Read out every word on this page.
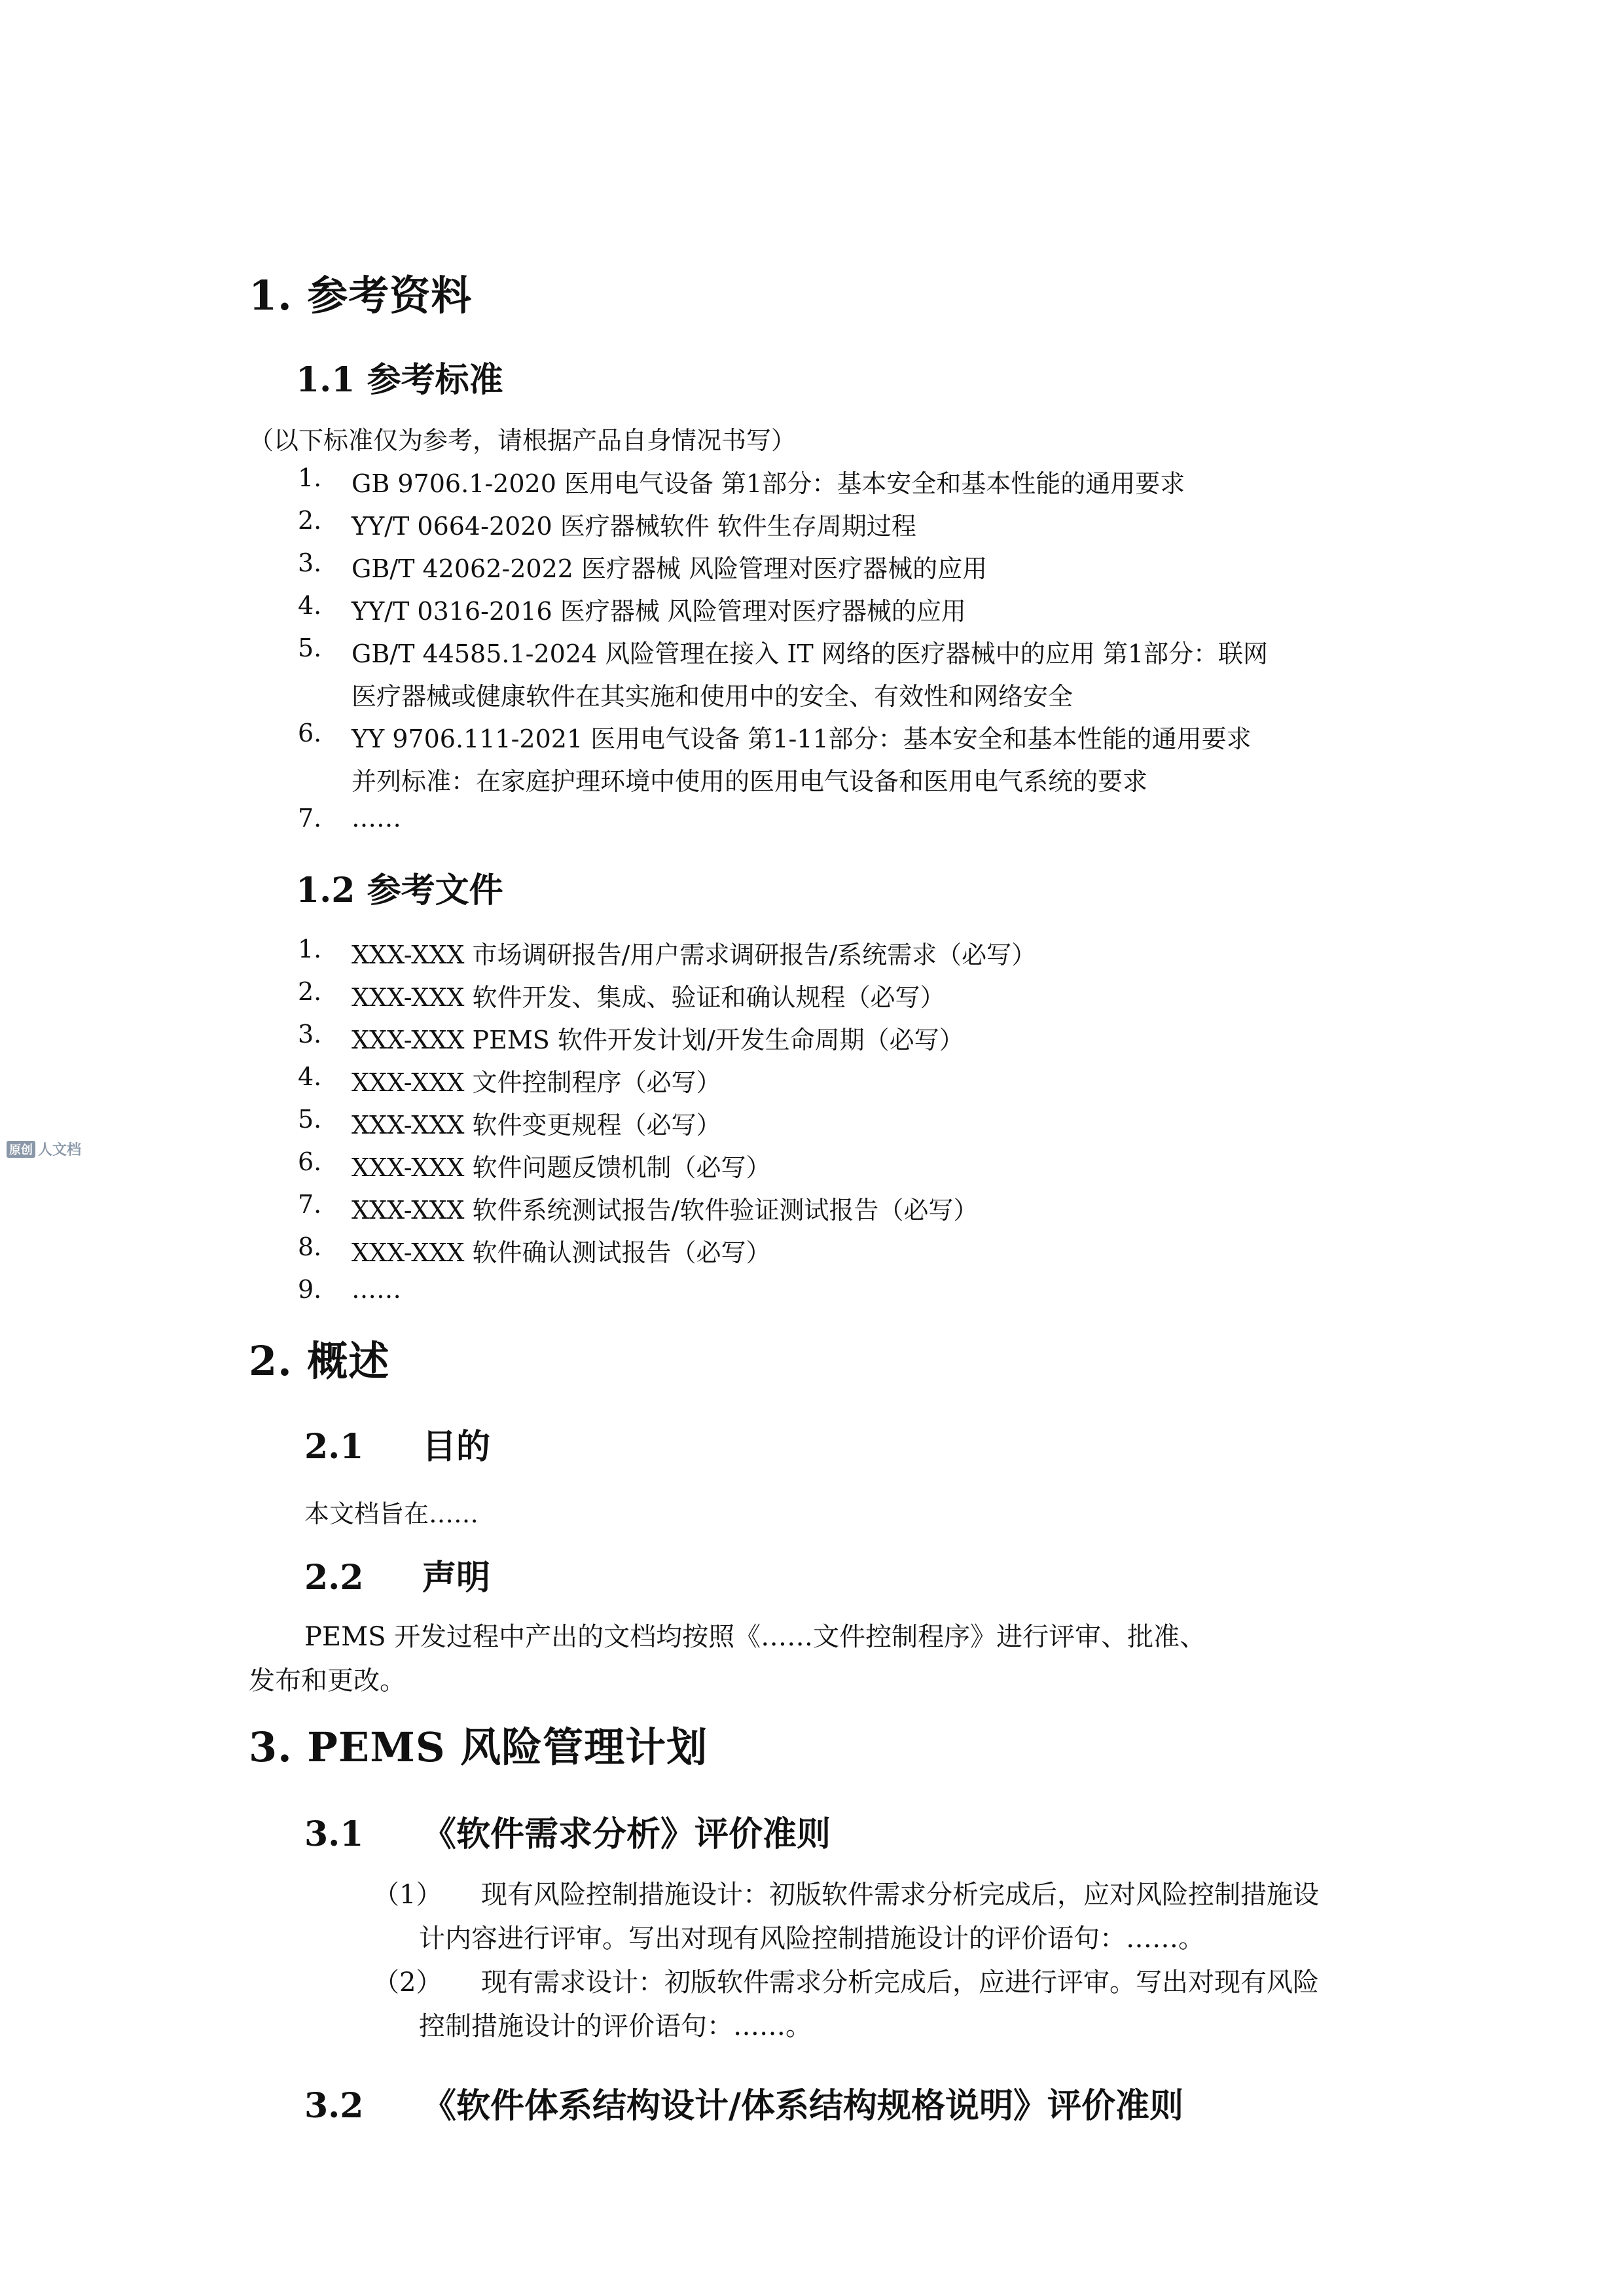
1. 参考资料
1.1 参考标准
（以下标准仅为参考，请根据产品自身情况书写）
1.	GB 9706.1-2020 医用电气设备 第1部分：基本安全和基本性能的通用要求
2.	YY/T 0664-2020 医疗器械软件 软件生存周期过程
3.	GB/T 42062-2022 医疗器械 风险管理对医疗器械的应用
4.	YY/T 0316-2016 医疗器械 风险管理对医疗器械的应用
5.	GB/T 44585.1-2024 风险管理在接入 IT 网络的医疗器械中的应用 第1部分：联网
医疗器械或健康软件在其实施和使用中的安全、有效性和网络安全
6.	YY 9706.111-2021 医用电气设备 第1-11部分：基本安全和基本性能的通用要求
并列标准：在家庭护理环境中使用的医用电气设备和医用电气系统的要求
7.	……
1.2 参考文件
1.	XXX-XXX 市场调研报告/用户需求调研报告/系统需求（必写）
2.	XXX-XXX 软件开发、集成、验证和确认规程（必写）
3.	XXX-XXX PEMS 软件开发计划/开发生命周期（必写）
4.	XXX-XXX 文件控制程序（必写）
5.	XXX-XXX 软件变更规程（必写）
6.	XXX-XXX 软件问题反馈机制（必写）
7.	XXX-XXX 软件系统测试报告/软件验证测试报告（必写）
8.	XXX-XXX 软件确认测试报告（必写）
9.	……
2. 概述
2.1 目的
本文档旨在……
2.2 声明
PEMS 开发过程中产出的文档均按照《……文件控制程序》进行评审、批准、
发布和更改。
3. PEMS 风险管理计划
3.1 《软件需求分析》评价准则
（1） 现有风险控制措施设计：初版软件需求分析完成后，应对风险控制措施设
计内容进行评审。写出对现有风险控制措施设计的评价语句：……。
（2） 现有需求设计：初版软件需求分析完成后，应进行评审。写出对现有风险
控制措施设计的评价语句：……。
3.2 《软件体系结构设计/体系结构规格说明》评价准则
原创 人文档
